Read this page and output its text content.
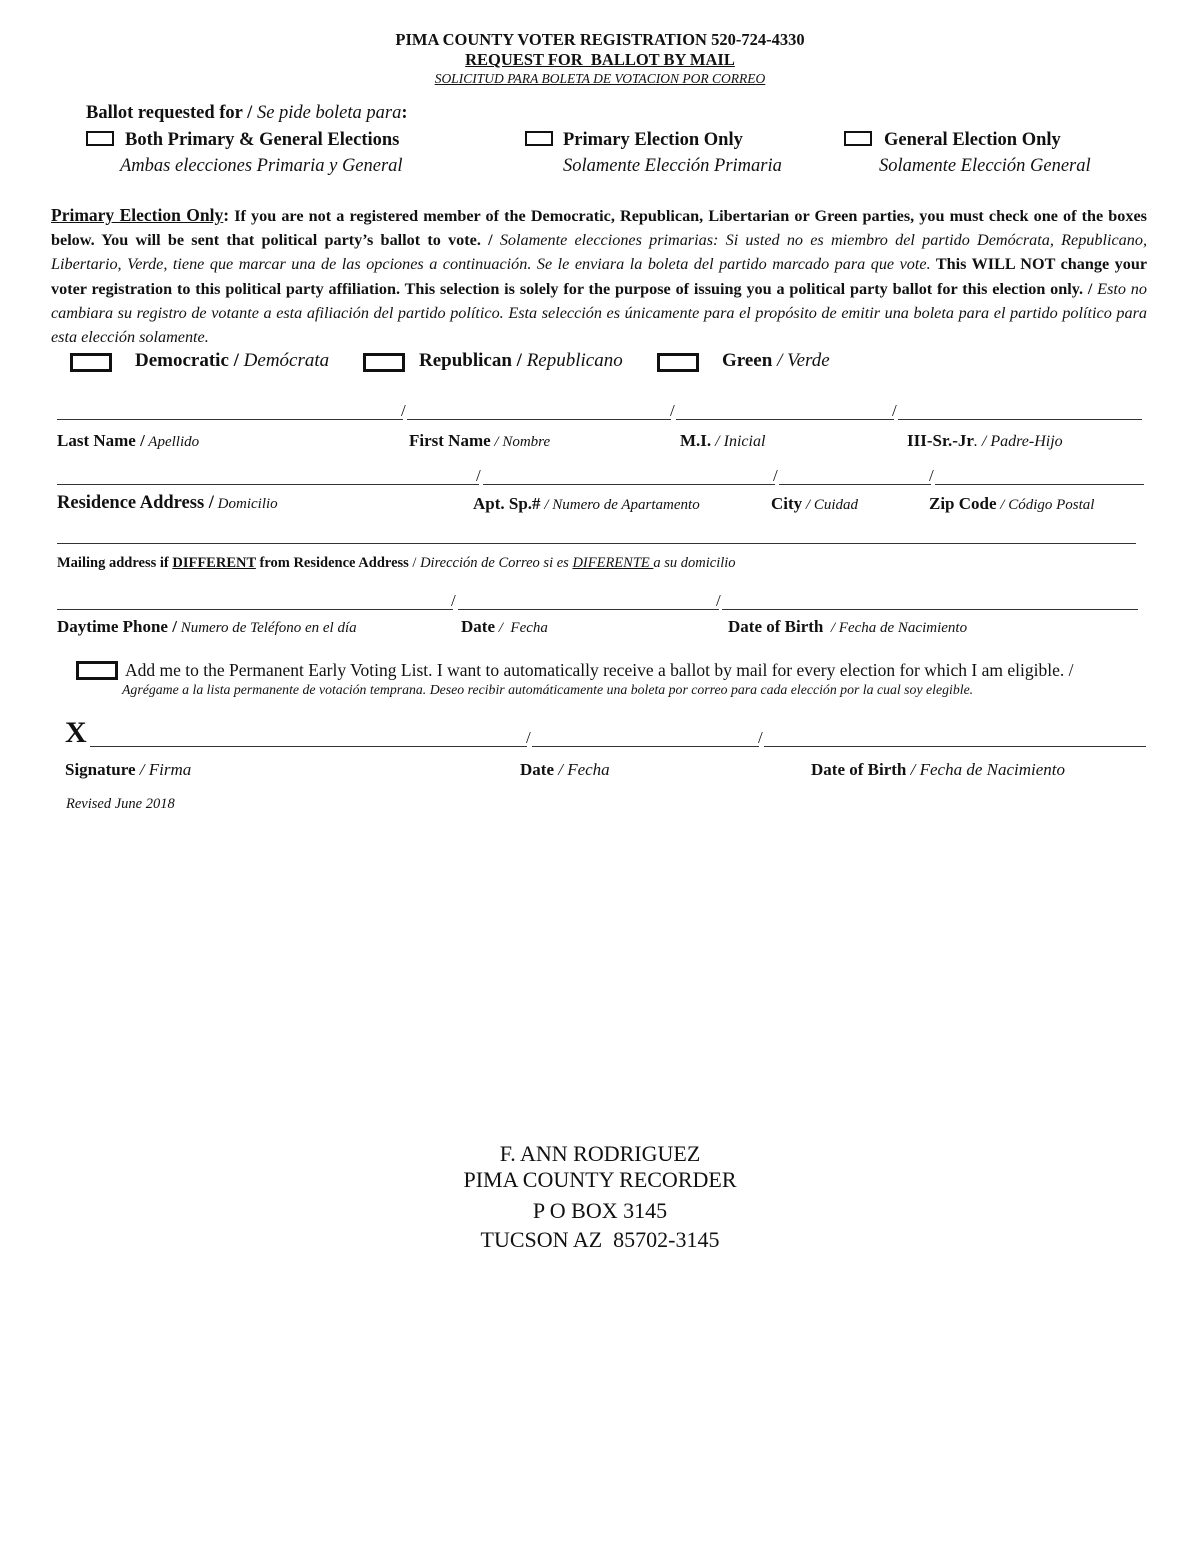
PIMA COUNTY VOTER REGISTRATION 520-724-4330
REQUEST FOR  BALLOT BY MAIL
SOLICITUD PARA BOLETA DE VOTACION POR CORREO
Ballot requested for / Se pide boleta para:
Both Primary & General Elections
Ambas elecciones Primaria y General
Primary Election Only
Solamente Elección Primaria
General Election Only
Solamente Elección General
Primary Election Only: If you are not a registered member of the Democratic, Republican, Libertarian or Green parties, you must check one of the boxes below. You will be sent that political party’s ballot to vote. / Solamente elecciones primarias: Si usted no es miembro del partido Demócrata, Republicano, Libertario, Verde, tiene que marcar una de las opciones a continuación. Se le enviara la boleta del partido marcado para que vote. This WILL NOT change your voter registration to this political party affiliation. This selection is solely for the purpose of issuing you a political party ballot for this election only. / Esto no cambiara su registro de votante a esta afiliación del partido político. Esta selección es únicamente para el propósito de emitir una boleta para el partido político para esta elección solamente.
Democratic / Demócrata	Republican / Republicano	Green / Verde
/	/	/
Last Name / Apellido	First Name / Nombre	M.I. / Inicial	III-Sr.-Jr. / Padre-Hijo
/	/	/
Residence Address / Domicilio	Apt. Sp.# / Numero de Apartamento	City / Cuidad	Zip Code / Código Postal
Mailing address if DIFFERENT from Residence Address / Dirección de Correo si es DIFERENTE a su domicilio
/	/
Daytime Phone / Numero de Teléfono en el día	Date /  Fecha	Date of Birth  / Fecha de Nacimiento
Add me to the Permanent Early Voting List. I want to automatically receive a ballot by mail for every election for which I am eligible. /
Agrégame a la lista permanente de votación temprana. Deseo recibir automáticamente una boleta por correo para cada elección por la cual soy elegible.
X	/	/
Signature / Firma	Date / Fecha	Date of Birth / Fecha de Nacimiento
Revised June 2018
F. ANN RODRIGUEZ
PIMA COUNTY RECORDER
P O BOX 3145
TUCSON AZ  85702-3145
